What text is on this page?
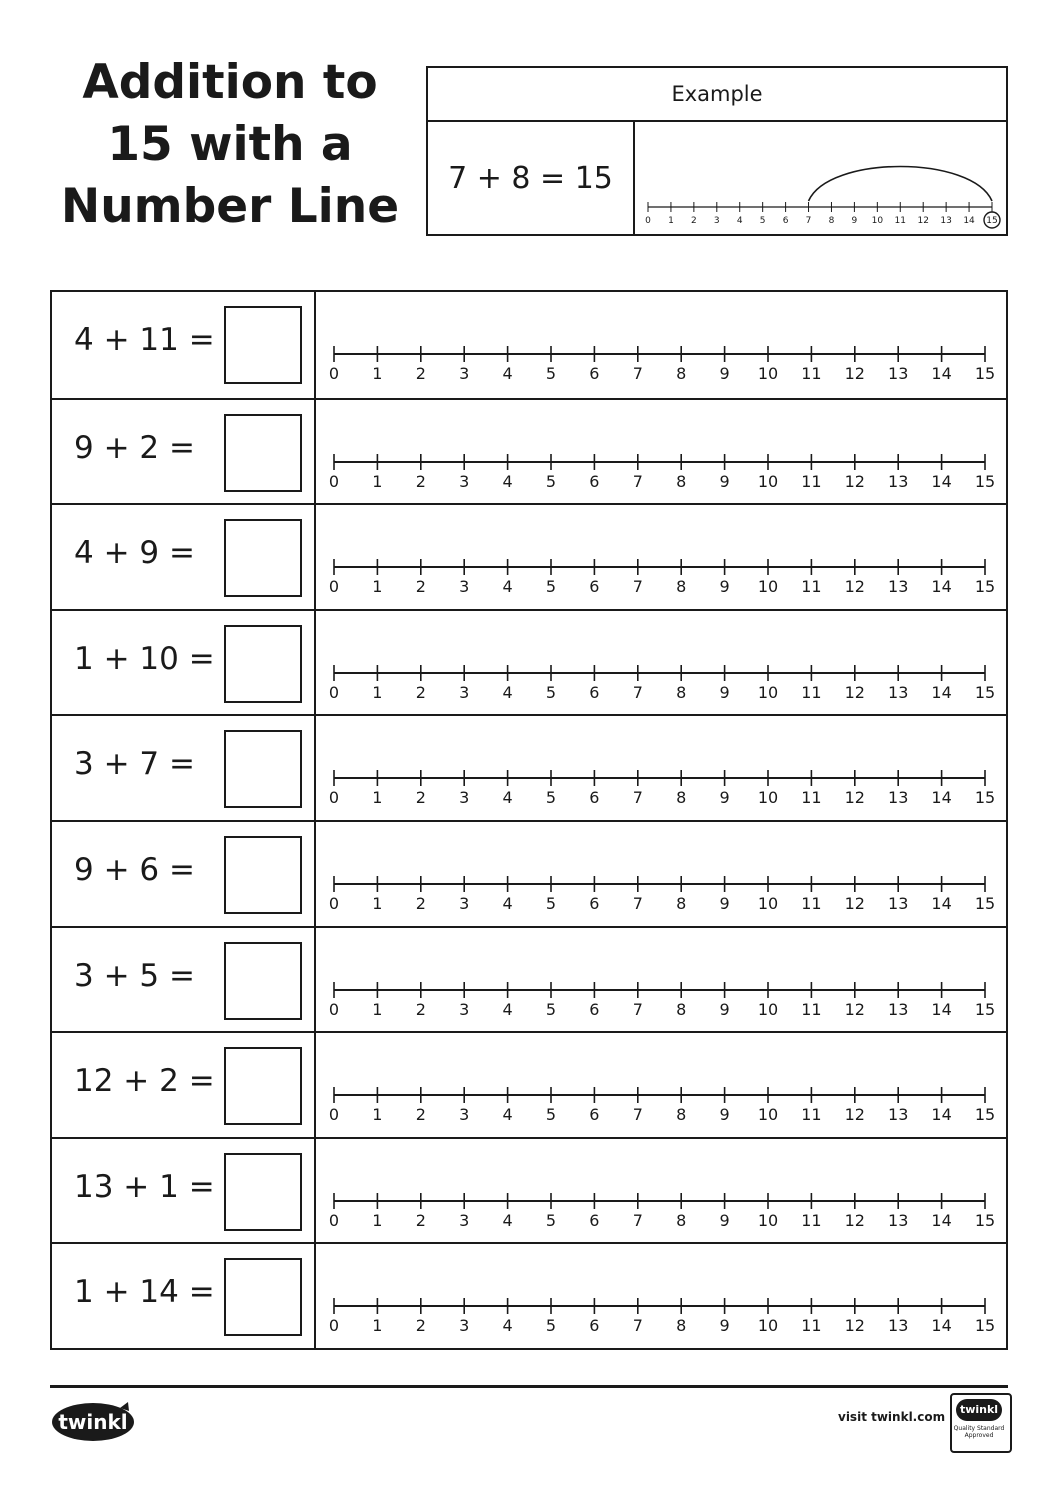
Addition to
15 with a
Number Line
Example
7 + 8 = 15
0 1 2 3 4 5 6 7 8 9 10 11 12 13 14 15
4 + 11 =
0 1 2 3 4 5 6 7 8 9 10 11 12 13 14 15
9 + 2 =
0 1 2 3 4 5 6 7 8 9 10 11 12 13 14 15
4 + 9 =
0 1 2 3 4 5 6 7 8 9 10 11 12 13 14 15
1 + 10 =
0 1 2 3 4 5 6 7 8 9 10 11 12 13 14 15
3 + 7 =
0 1 2 3 4 5 6 7 8 9 10 11 12 13 14 15
9 + 6 =
0 1 2 3 4 5 6 7 8 9 10 11 12 13 14 15
3 + 5 =
0 1 2 3 4 5 6 7 8 9 10 11 12 13 14 15
12 + 2 =
0 1 2 3 4 5 6 7 8 9 10 11 12 13 14 15
13 + 1 =
0 1 2 3 4 5 6 7 8 9 10 11 12 13 14 15
1 + 14 =
0 1 2 3 4 5 6 7 8 9 10 11 12 13 14 15
twinkl	visit twinkl.com
twinkl
Quality Standard Approved
